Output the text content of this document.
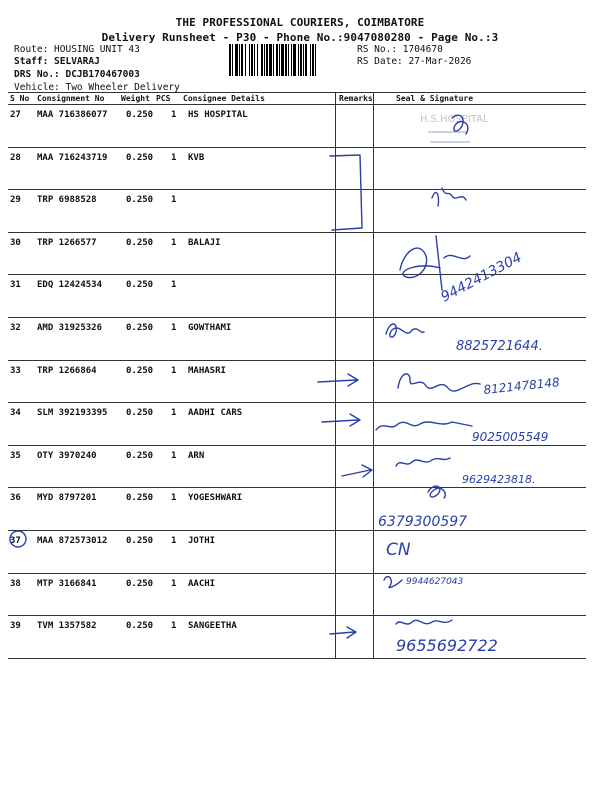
THE PROFESSIONAL COURIERS, COIMBATORE
Delivery Runsheet - P30 - Phone No.:9047080280 - Page No.:3
Route: HOUSING UNIT 43
Staff: SELVARAJ
DRS No.: DCJB170467003
Vehicle: Two Wheeler Delivery
RS No.: 1704670
RS Date: 27-Mar-2026
S No Consignment No Weight PCS Consignee Details	Remarks	Seal & Signature
27 MAA 716386077 0.250 1 HS HOSPITAL
28 MAA 716243719 0.250 1 KVB
29 TRP 6988528	0.250 1
30 TRP 1266577	0.250 1 BALAJI
31 EDQ 12424534	0.250 1
32 AMD 31925326	0.250 1 GOWTHAMI
33 TRP 1266864	0.250 1 MAHASRI
34 SLM 392193395 0.250 1 AADHI CARS
35 OTY 3970240	0.250 1 ARN
36 MYD 8797201	0.250 1 YOGESHWARI
37 MAA 872573012 0.250 1 JOTHI
38 MTP 3166841	0.250 1 AACHI
39 TVM 1357582	0.250 1 SANGEETHA
H.S.HOSPITAL
9442413304
8825721644.
8121478148
9025005549
9629423818.
6379300597
CN
9944627043
9655692722
